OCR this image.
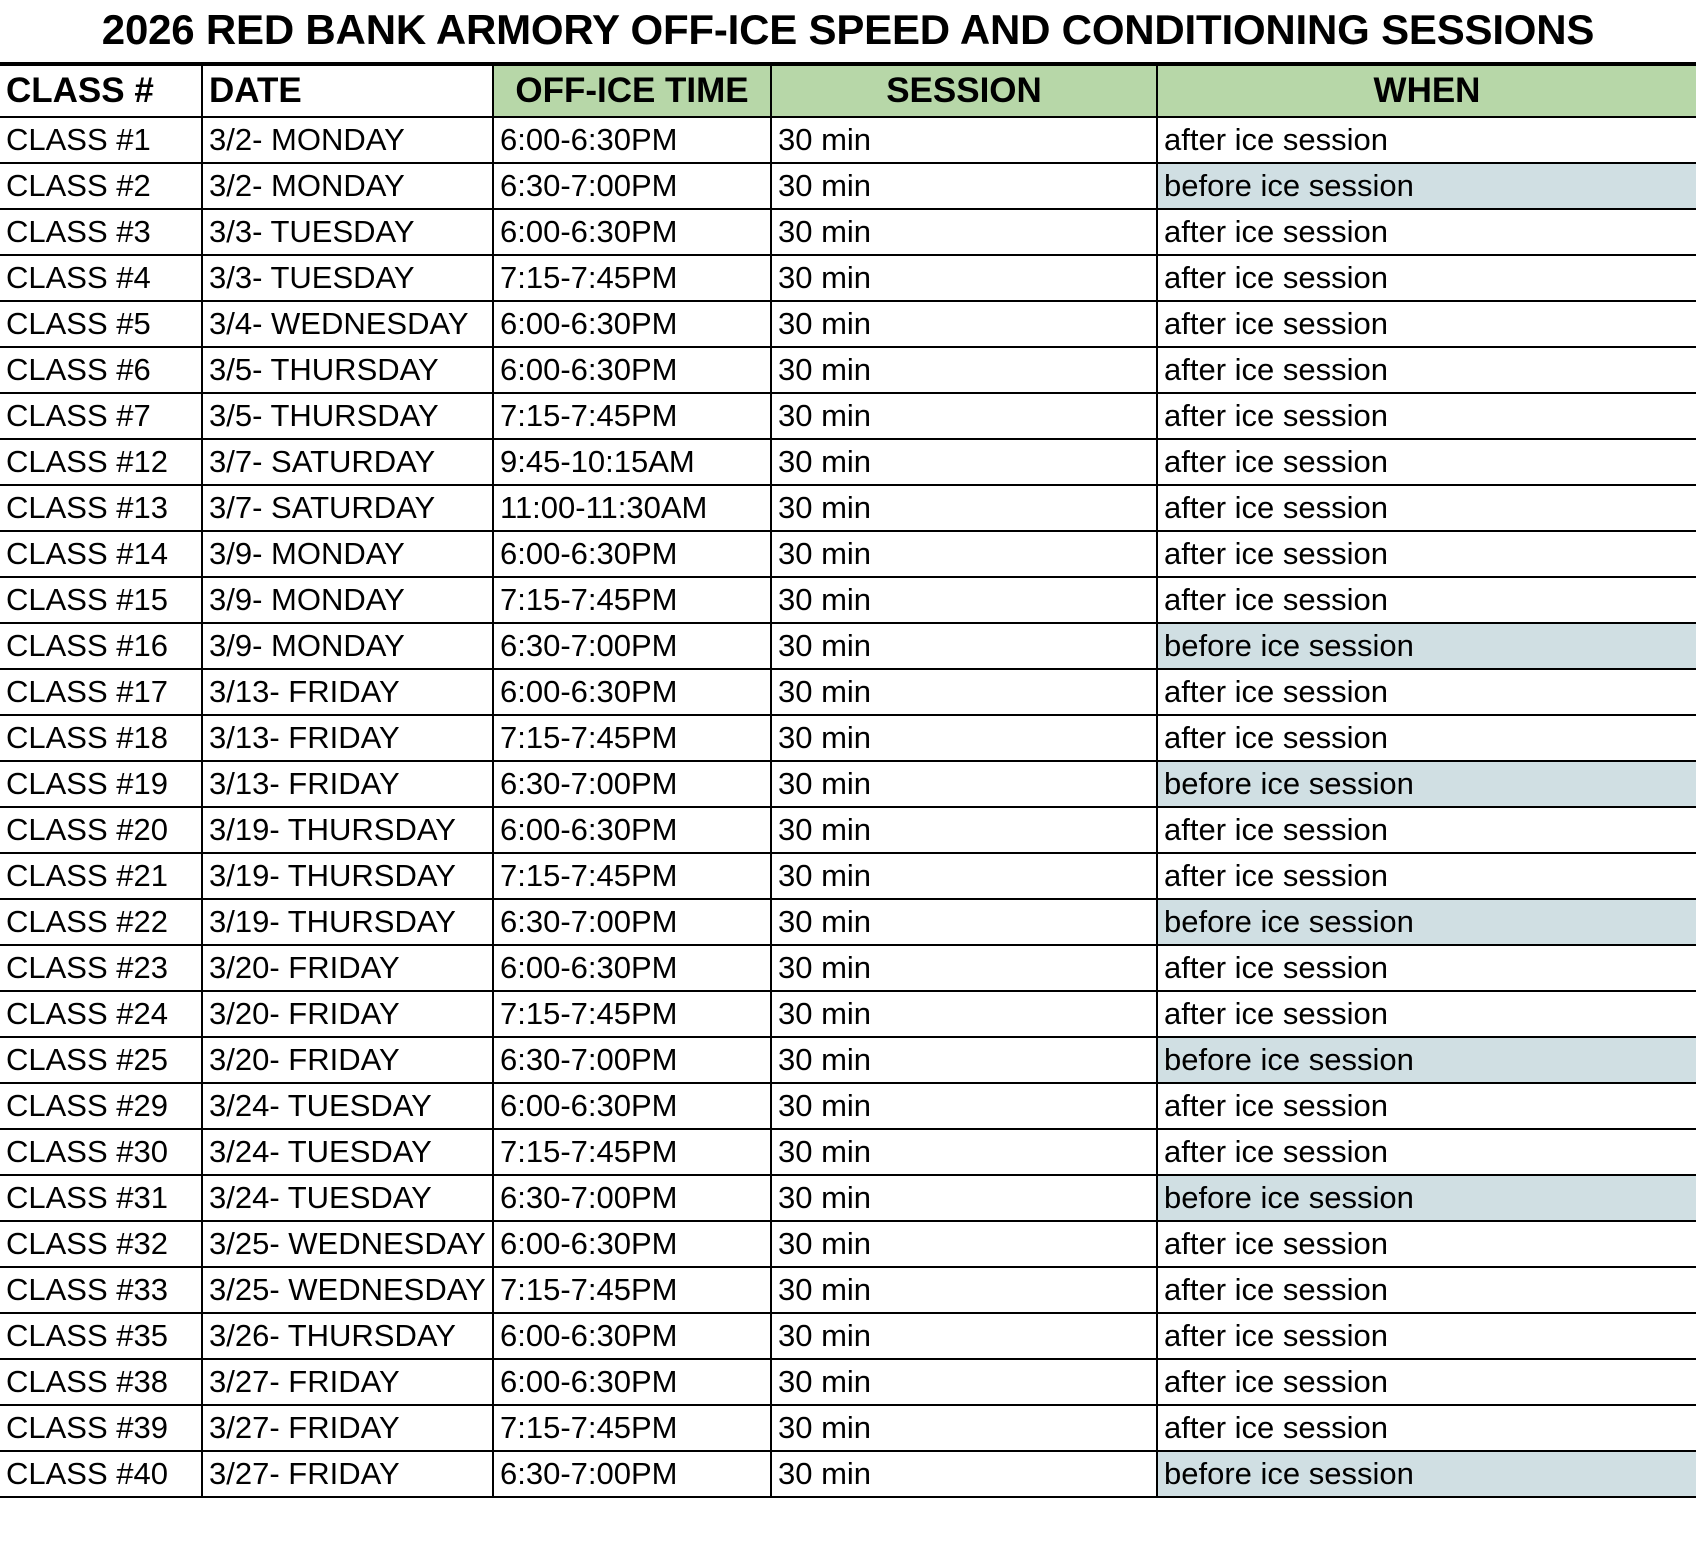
2026 RED BANK ARMORY OFF-ICE SPEED AND CONDITIONING SESSIONS
CLASS #	DATE	OFF-ICE TIME	SESSION	WHEN
CLASS #1	3/2- MONDAY	6:00-6:30PM	30 min	after ice session
CLASS #2	3/2- MONDAY	6:30-7:00PM	30 min	before ice session
CLASS #3	3/3- TUESDAY	6:00-6:30PM	30 min	after ice session
CLASS #4	3/3- TUESDAY	7:15-7:45PM	30 min	after ice session
CLASS #5	3/4- WEDNESDAY	6:00-6:30PM	30 min	after ice session
CLASS #6	3/5- THURSDAY	6:00-6:30PM	30 min	after ice session
CLASS #7	3/5- THURSDAY	7:15-7:45PM	30 min	after ice session
CLASS #12	3/7- SATURDAY	9:45-10:15AM	30 min	after ice session
CLASS #13	3/7- SATURDAY	11:00-11:30AM	30 min	after ice session
CLASS #14	3/9- MONDAY	6:00-6:30PM	30 min	after ice session
CLASS #15	3/9- MONDAY	7:15-7:45PM	30 min	after ice session
CLASS #16	3/9- MONDAY	6:30-7:00PM	30 min	before ice session
CLASS #17	3/13- FRIDAY	6:00-6:30PM	30 min	after ice session
CLASS #18	3/13- FRIDAY	7:15-7:45PM	30 min	after ice session
CLASS #19	3/13- FRIDAY	6:30-7:00PM	30 min	before ice session
CLASS #20	3/19- THURSDAY	6:00-6:30PM	30 min	after ice session
CLASS #21	3/19- THURSDAY	7:15-7:45PM	30 min	after ice session
CLASS #22	3/19- THURSDAY	6:30-7:00PM	30 min	before ice session
CLASS #23	3/20- FRIDAY	6:00-6:30PM	30 min	after ice session
CLASS #24	3/20- FRIDAY	7:15-7:45PM	30 min	after ice session
CLASS #25	3/20- FRIDAY	6:30-7:00PM	30 min	before ice session
CLASS #29	3/24- TUESDAY	6:00-6:30PM	30 min	after ice session
CLASS #30	3/24- TUESDAY	7:15-7:45PM	30 min	after ice session
CLASS #31	3/24- TUESDAY	6:30-7:00PM	30 min	before ice session
CLASS #32	3/25- WEDNESDAY	6:00-6:30PM	30 min	after ice session
CLASS #33	3/25- WEDNESDAY	7:15-7:45PM	30 min	after ice session
CLASS #35	3/26- THURSDAY	6:00-6:30PM	30 min	after ice session
CLASS #38	3/27- FRIDAY	6:00-6:30PM	30 min	after ice session
CLASS #39	3/27- FRIDAY	7:15-7:45PM	30 min	after ice session
CLASS #40	3/27- FRIDAY	6:30-7:00PM	30 min	before ice session
